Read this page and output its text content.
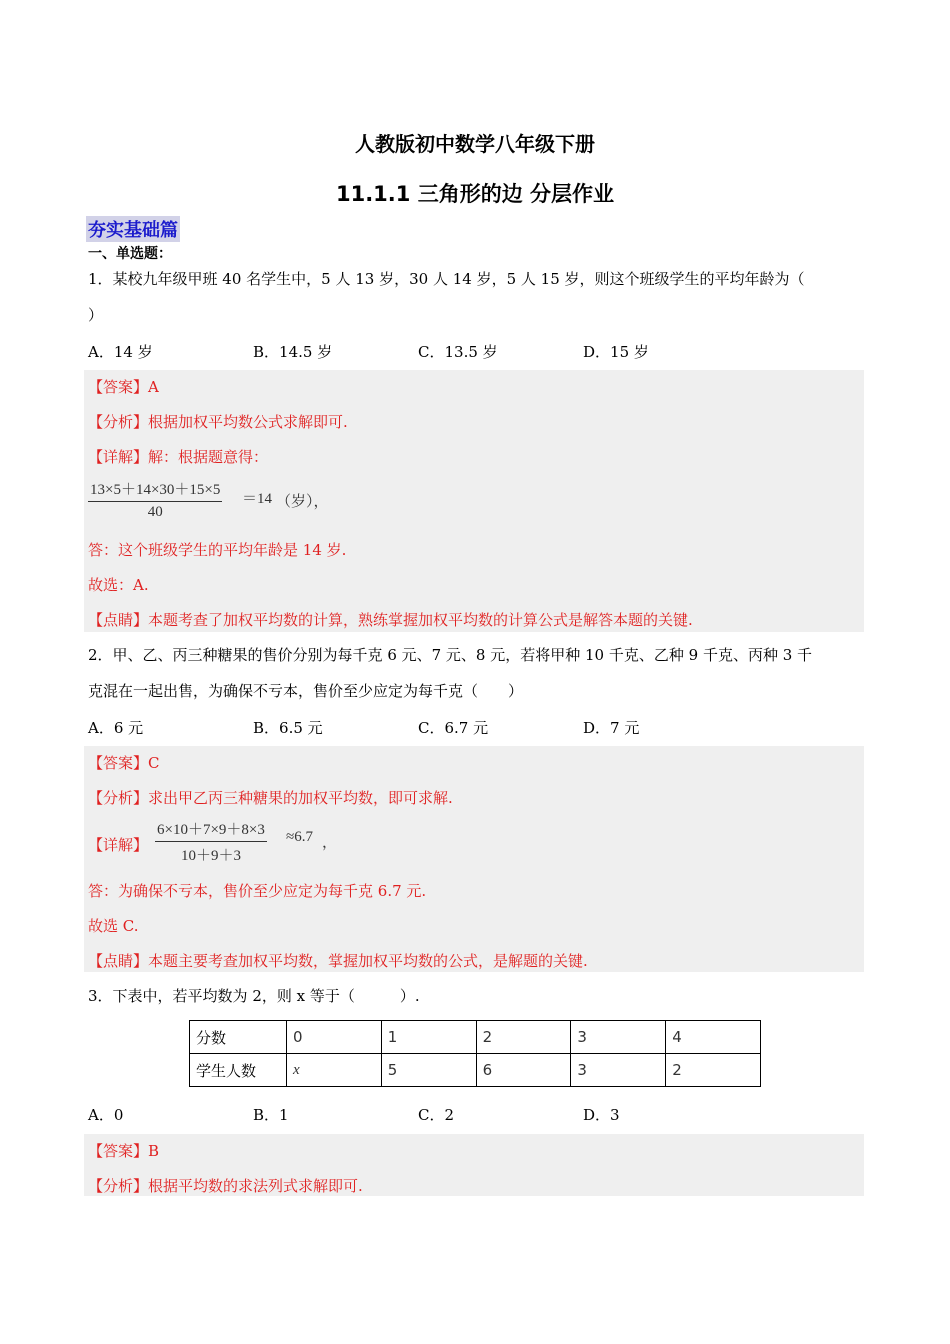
人教版初中数学八年级下册
11.1.1 三角形的边 分层作业
夯实基础篇
一、单选题：
1．某校九年级甲班 40 名学生中，5 人 13 岁，30 人 14 岁，5 人 15 岁，则这个班级学生的平均年龄为（
）
A．14 岁	B．14.5 岁	C．13.5 岁	D．15 岁
【答案】A
【分析】根据加权平均数公式求解即可.
【详解】解：根据题意得：
$\frac{13\times 5+14\times 30+15\times 5}{40} =14$ （岁），
答：这个班级学生的平均年龄是 14 岁.
故选：A.
【点睛】本题考查了加权平均数的计算，熟练掌握加权平均数的计算公式是解答本题的关键.
2．甲、乙、丙三种糖果的售价分别为每千克 6 元、7 元、8 元，若将甲种 10 千克、乙种 9 千克、丙种 3 千
克混在一起出售，为确保不亏本，售价至少应定为每千克（　　）
A．6 元	B．6.5 元	C．6.7 元	D．7 元
【答案】C
【分析】求出甲乙丙三种糖果的加权平均数，即可求解.
【详解】 $\frac{6\times 10+7\times 9+8\times 3}{10+9+3} \approx 6.7$ ，
答：为确保不亏本，售价至少应定为每千克 6.7 元.
故选 C.
【点睛】本题主要考查加权平均数，掌握加权平均数的公式，是解题的关键.
3．下表中，若平均数为 2，则 x 等于（　　　）.
分数	0	1	2	3	4
学生人数	x	5	6	3	2
A．0	B．1	C．2	D．3
【答案】B
【分析】根据平均数的求法列式求解即可.
